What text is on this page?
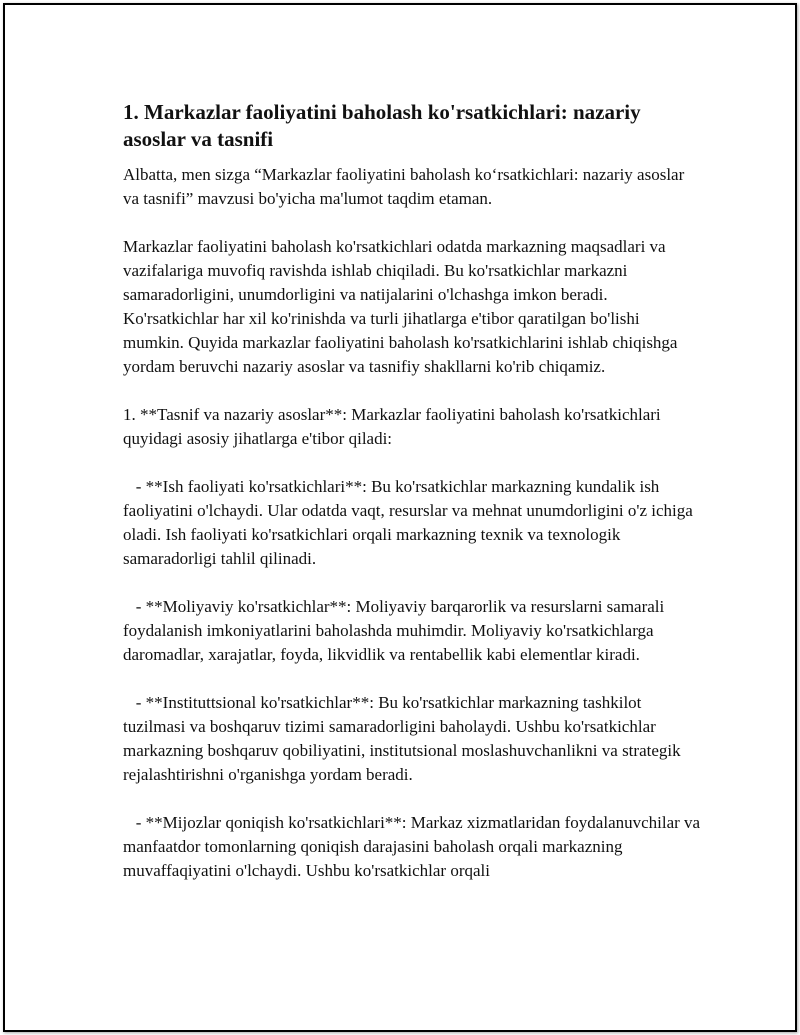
1. Markazlar faoliyatini baholash ko'rsatkichlari: nazariy asoslar va tasnifi

Albatta, men sizga “Markazlar faoliyatini baholash ko‘rsatkichlari: nazariy asoslar va tasnifi” mavzusi bo'yicha ma'lumot taqdim etaman.

Markazlar faoliyatini baholash ko'rsatkichlari odatda markazning maqsadlari va vazifalariga muvofiq ravishda ishlab chiqiladi. Bu ko'rsatkichlar markazni samaradorligini, unumdorligini va natijalarini o'lchashga imkon beradi. Ko'rsatkichlar har xil ko'rinishda va turli jihatlarga e'tibor qaratilgan bo'lishi mumkin. Quyida markazlar faoliyatini baholash ko'rsatkichlarini ishlab chiqishga yordam beruvchi nazariy asoslar va tasnifiy shakllarni ko'rib chiqamiz.

1. **Tasnif va nazariy asoslar**: Markazlar faoliyatini baholash ko'rsatkichlari quyidagi asosiy jihatlarga e'tibor qiladi:

- **Ish faoliyati ko'rsatkichlari**: Bu ko'rsatkichlar markazning kundalik ish faoliyatini o'lchaydi. Ular odatda vaqt, resurslar va mehnat unumdorligini o'z ichiga oladi. Ish faoliyati ko'rsatkichlari orqali markazning texnik va texnologik samaradorligi tahlil qilinadi.

- **Moliyaviy ko'rsatkichlar**: Moliyaviy barqarorlik va resurslarni samarali foydalanish imkoniyatlarini baholashda muhimdir. Moliyaviy ko'rsatkichlarga daromadlar, xarajatlar, foyda, likvidlik va rentabellik kabi elementlar kiradi.

- **Instituttsional ko'rsatkichlar**: Bu ko'rsatkichlar markazning tashkilot tuzilmasi va boshqaruv tizimi samaradorligini baholaydi. Ushbu ko'rsatkichlar markazning boshqaruv qobiliyatini, institutsional moslashuvchanlikni va strategik rejalashtirishni o'rganishga yordam beradi.

- **Mijozlar qoniqish ko'rsatkichlari**: Markaz xizmatlaridan foydalanuvchilar va manfaatdor tomonlarning qoniqish darajasini baholash orqali markazning muvaffaqiyatini o'lchaydi. Ushbu ko'rsatkichlar orqali
